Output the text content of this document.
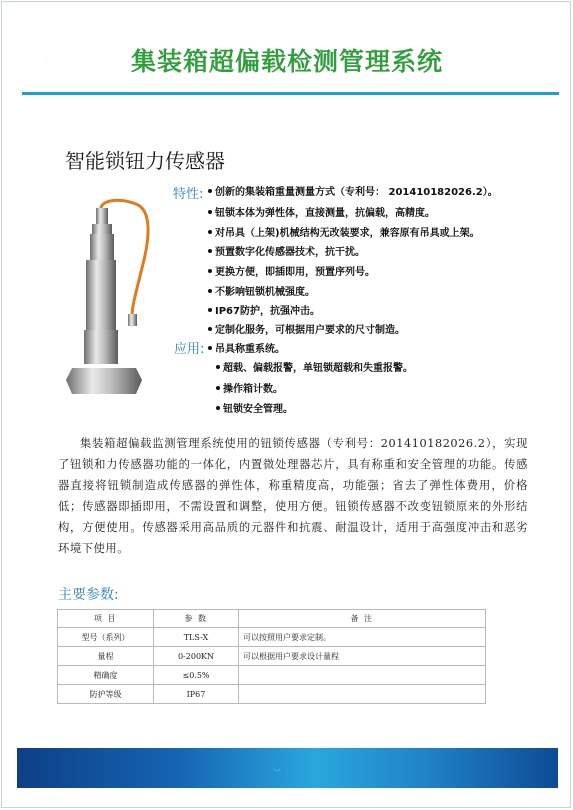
·	集装箱超偏载检测管理系统
智能锁钮力传感器
特性:	创新的集装箱重量测量方式（专利号： 201410182026.2）。
钮锁本体为弹性体，直接测量，抗偏载，高精度。
对吊具（上架)机械结构无改装要求，兼容原有吊具或上架。
预置数字化传感器技术，抗干扰。
更换方便，即插即用，预置序列号。
不影响钮锁机械强度。
IP67防护，抗强冲击。
定制化服务，可根据用户要求的尺寸制造。
应用:	吊具称重系统。
超载、偏载报警，单钮锁超载和失重报警。
操作箱计数。
钮锁安全管理。

集装箱超偏载监测管理系统使用的钮锁传感器（专利号：201410182026.2），实现了钮锁和力传感器功能的一体化，内置微处理器芯片，具有称重和安全管理的功能。传感器直接将钮锁制造成传感器的弹性体，称重精度高，功能强；省去了弹性体费用，价格低；传感器即插即用，不需设置和调整，使用方便。钮锁传感器不改变钮锁原来的外形结构，方便使用。传感器采用高品质的元器件和抗震、耐温设计，适用于高强度冲击和恶劣环境下使用。

主要参数:
项 目	参 数	备 注
型号（系列）	TLS-X	可以按照用户要求定制。
量程	0-200KN	可以根据用户要求设计量程
精确度	≤0.5%	
防护等级	IP67	
◡
